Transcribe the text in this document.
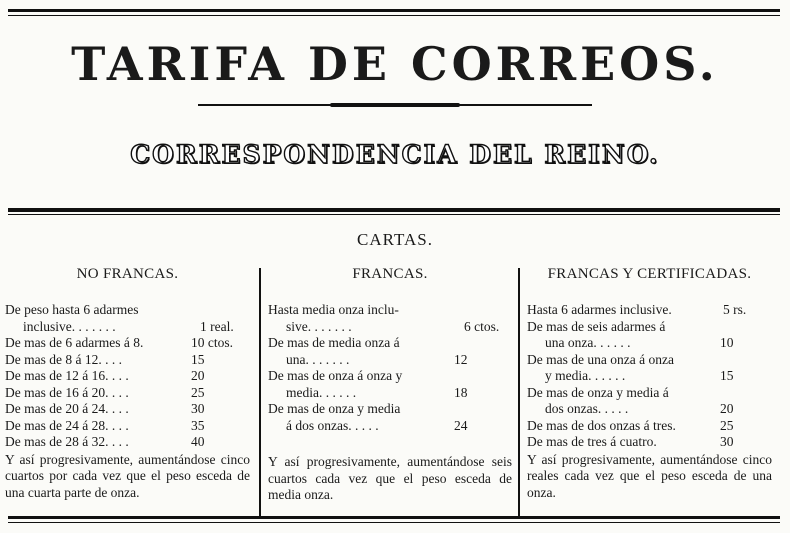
TARIFA DE CORREOS.
CORRESPONDENCIA DEL REINO.
CARTAS.
NO FRANCAS.
De peso hasta 6 adarmes
inclusive. . . . . . .	1 real.
De mas de 6 adarmes á 8.	10 ctos.
De mas de 8 á 12. . . .	15
De mas de 12 á 16. . . .	20
De mas de 16 á 20. . . .	25
De mas de 20 á 24. . . .	30
De mas de 24 á 28. . . .	35
De mas de 28 á 32. . . .	40
Y así progresivamente, aumentándose cinco cuartos por cada vez que el peso esceda de una cuarta parte de onza.
FRANCAS.
Hasta media onza inclu-
sive. . . . . . .	6 ctos.
De mas de media onza á
una. . . . . . .	12
De mas de onza á onza y
media. . . . . .	18
De mas de onza y media
á dos onzas. . . . .	24
Y así progresivamente, aumentándose seis cuartos cada vez que el peso esceda de media onza.
FRANCAS Y CERTIFICADAS.
Hasta 6 adarmes inclusive.	5 rs.
De mas de seis adarmes á
una onza. . . . . .	10
De mas de una onza á onza
y media. . . . . .	15
De mas de onza y media á
dos onzas. . . . .	20
De mas de dos onzas á tres.	25
De mas de tres á cuatro.	30
Y así progresivamente, aumentándose cinco reales cada vez que el peso esceda de una onza.
